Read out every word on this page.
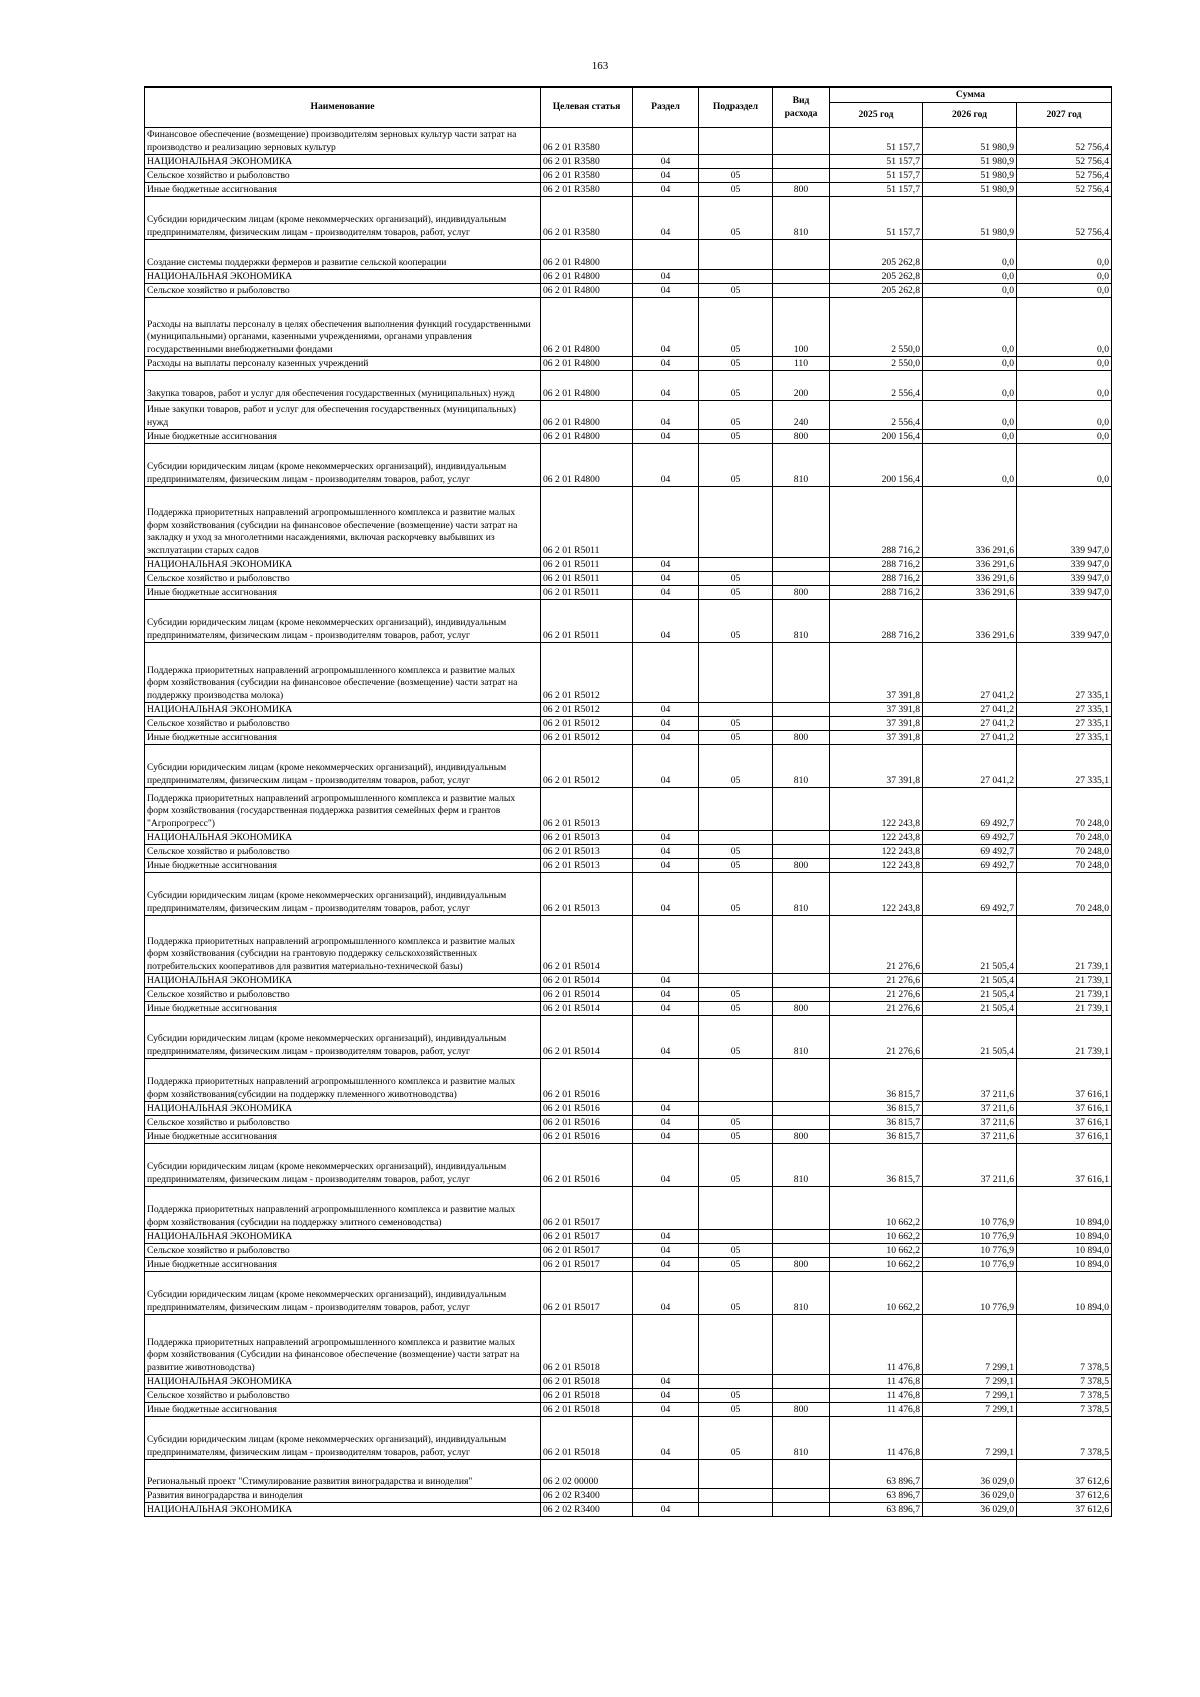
163
Наименование	Целевая статья	Раздел	Подраздел	Вид расхода	Сумма		
					2025 год	2026 год	2027 год
Финансовое обеспечение (возмещение) производителям зерновых культур части затрат на производство и реализацию зерновых культур	06 2 01 R3580				51 157,7	51 980,9	52 756,4
НАЦИОНАЛЬНАЯ ЭКОНОМИКА	06 2 01 R3580	04			51 157,7	51 980,9	52 756,4
Сельское хозяйство и рыболовство	06 2 01 R3580	04	05		51 157,7	51 980,9	52 756,4
Иные бюджетные ассигнования	06 2 01 R3580	04	05	800	51 157,7	51 980,9	52 756,4
Субсидии юридическим лицам (кроме некоммерческих организаций), индивидуальным предпринимателям, физическим лицам - производителям товаров, работ, услуг	06 2 01 R3580	04	05	810	51 157,7	51 980,9	52 756,4
Создание системы поддержки фермеров и развитие сельской кооперации	06 2 01 R4800				205 262,8	0,0	0,0
НАЦИОНАЛЬНАЯ ЭКОНОМИКА	06 2 01 R4800	04			205 262,8	0,0	0,0
Сельское хозяйство и рыболовство	06 2 01 R4800	04	05		205 262,8	0,0	0,0
Расходы на выплаты персоналу в целях обеспечения выполнения функций государственными (муниципальными) органами, казенными учреждениями, органами управления государственными внебюджетными фондами	06 2 01 R4800	04	05	100	2 550,0	0,0	0,0
Расходы на выплаты персоналу казенных учреждений	06 2 01 R4800	04	05	110	2 550,0	0,0	0,0
Закупка товаров, работ и услуг для обеспечения государственных (муниципальных) нужд	06 2 01 R4800	04	05	200	2 556,4	0,0	0,0
Иные закупки товаров, работ и услуг для обеспечения государственных (муниципальных) нужд	06 2 01 R4800	04	05	240	2 556,4	0,0	0,0
Иные бюджетные ассигнования	06 2 01 R4800	04	05	800	200 156,4	0,0	0,0
Субсидии юридическим лицам (кроме некоммерческих организаций), индивидуальным предпринимателям, физическим лицам - производителям товаров, работ, услуг	06 2 01 R4800	04	05	810	200 156,4	0,0	0,0
Поддержка приоритетных направлений агропромышленного комплекса и развитие малых форм хозяйствования (субсидии на финансовое обеспечение (возмещение) части затрат на закладку и уход за многолетними насаждениями, включая раскорчевку выбывших из эксплуатации старых садов	06 2 01 R5011				288 716,2	336 291,6	339 947,0
НАЦИОНАЛЬНАЯ ЭКОНОМИКА	06 2 01 R5011	04			288 716,2	336 291,6	339 947,0
Сельское хозяйство и рыболовство	06 2 01 R5011	04	05		288 716,2	336 291,6	339 947,0
Иные бюджетные ассигнования	06 2 01 R5011	04	05	800	288 716,2	336 291,6	339 947,0
Субсидии юридическим лицам (кроме некоммерческих организаций), индивидуальным предпринимателям, физическим лицам - производителям товаров, работ, услуг	06 2 01 R5011	04	05	810	288 716,2	336 291,6	339 947,0
Поддержка приоритетных направлений агропромышленного комплекса и развитие малых форм хозяйствования (субсидии на финансовое обеспечение (возмещение) части затрат на поддержку производства молока)	06 2 01 R5012				37 391,8	27 041,2	27 335,1
НАЦИОНАЛЬНАЯ ЭКОНОМИКА	06 2 01 R5012	04			37 391,8	27 041,2	27 335,1
Сельское хозяйство и рыболовство	06 2 01 R5012	04	05		37 391,8	27 041,2	27 335,1
Иные бюджетные ассигнования	06 2 01 R5012	04	05	800	37 391,8	27 041,2	27 335,1
Субсидии юридическим лицам (кроме некоммерческих организаций), индивидуальным предпринимателям, физическим лицам - производителям товаров, работ, услуг	06 2 01 R5012	04	05	810	37 391,8	27 041,2	27 335,1
Поддержка приоритетных направлений агропромышленного комплекса и развитие малых форм хозяйствования (государственная поддержка развития семейных ферм и грантов "Агропрогресс")	06 2 01 R5013				122 243,8	69 492,7	70 248,0
НАЦИОНАЛЬНАЯ ЭКОНОМИКА	06 2 01 R5013	04			122 243,8	69 492,7	70 248,0
Сельское хозяйство и рыболовство	06 2 01 R5013	04	05		122 243,8	69 492,7	70 248,0
Иные бюджетные ассигнования	06 2 01 R5013	04	05	800	122 243,8	69 492,7	70 248,0
Субсидии юридическим лицам (кроме некоммерческих организаций), индивидуальным предпринимателям, физическим лицам - производителям товаров, работ, услуг	06 2 01 R5013	04	05	810	122 243,8	69 492,7	70 248,0
Поддержка приоритетных направлений агропромышленного комплекса и развитие малых форм хозяйствования (субсидии на грантовую поддержку сельскохозяйственных потребительских кооперативов для развития материально-технической базы)	06 2 01 R5014				21 276,6	21 505,4	21 739,1
НАЦИОНАЛЬНАЯ ЭКОНОМИКА	06 2 01 R5014	04			21 276,6	21 505,4	21 739,1
Сельское хозяйство и рыболовство	06 2 01 R5014	04	05		21 276,6	21 505,4	21 739,1
Иные бюджетные ассигнования	06 2 01 R5014	04	05	800	21 276,6	21 505,4	21 739,1
Субсидии юридическим лицам (кроме некоммерческих организаций), индивидуальным предпринимателям, физическим лицам - производителям товаров, работ, услуг	06 2 01 R5014	04	05	810	21 276,6	21 505,4	21 739,1
Поддержка приоритетных направлений агропромышленного комплекса и развитие малых форм хозяйствования(субсидии на поддержку племенного животноводства)	06 2 01 R5016				36 815,7	37 211,6	37 616,1
НАЦИОНАЛЬНАЯ ЭКОНОМИКА	06 2 01 R5016	04			36 815,7	37 211,6	37 616,1
Сельское хозяйство и рыболовство	06 2 01 R5016	04	05		36 815,7	37 211,6	37 616,1
Иные бюджетные ассигнования	06 2 01 R5016	04	05	800	36 815,7	37 211,6	37 616,1
Субсидии юридическим лицам (кроме некоммерческих организаций), индивидуальным предпринимателям, физическим лицам - производителям товаров, работ, услуг	06 2 01 R5016	04	05	810	36 815,7	37 211,6	37 616,1
Поддержка приоритетных направлений агропромышленного комплекса и развитие малых форм хозяйствования (субсидии на поддержку элитного семеноводства)	06 2 01 R5017				10 662,2	10 776,9	10 894,0
НАЦИОНАЛЬНАЯ ЭКОНОМИКА	06 2 01 R5017	04			10 662,2	10 776,9	10 894,0
Сельское хозяйство и рыболовство	06 2 01 R5017	04	05		10 662,2	10 776,9	10 894,0
Иные бюджетные ассигнования	06 2 01 R5017	04	05	800	10 662,2	10 776,9	10 894,0
Субсидии юридическим лицам (кроме некоммерческих организаций), индивидуальным предпринимателям, физическим лицам - производителям товаров, работ, услуг	06 2 01 R5017	04	05	810	10 662,2	10 776,9	10 894,0
Поддержка приоритетных направлений агропромышленного комплекса и развитие малых форм хозяйствования (Субсидии на финансовое обеспечение (возмещение) части затрат на развитие животноводства)	06 2 01 R5018				11 476,8	7 299,1	7 378,5
НАЦИОНАЛЬНАЯ ЭКОНОМИКА	06 2 01 R5018	04			11 476,8	7 299,1	7 378,5
Сельское хозяйство и рыболовство	06 2 01 R5018	04	05		11 476,8	7 299,1	7 378,5
Иные бюджетные ассигнования	06 2 01 R5018	04	05	800	11 476,8	7 299,1	7 378,5
Субсидии юридическим лицам (кроме некоммерческих организаций), индивидуальным предпринимателям, физическим лицам - производителям товаров, работ, услуг	06 2 01 R5018	04	05	810	11 476,8	7 299,1	7 378,5
Региональный проект "Стимулирование развития виноградарства и виноделия"	06 2 02 00000				63 896,7	36 029,0	37 612,6
Развития виноградарства и виноделия	06 2 02 R3400				63 896,7	36 029,0	37 612,6
НАЦИОНАЛЬНАЯ ЭКОНОМИКА	06 2 02 R3400	04			63 896,7	36 029,0	37 612,6
